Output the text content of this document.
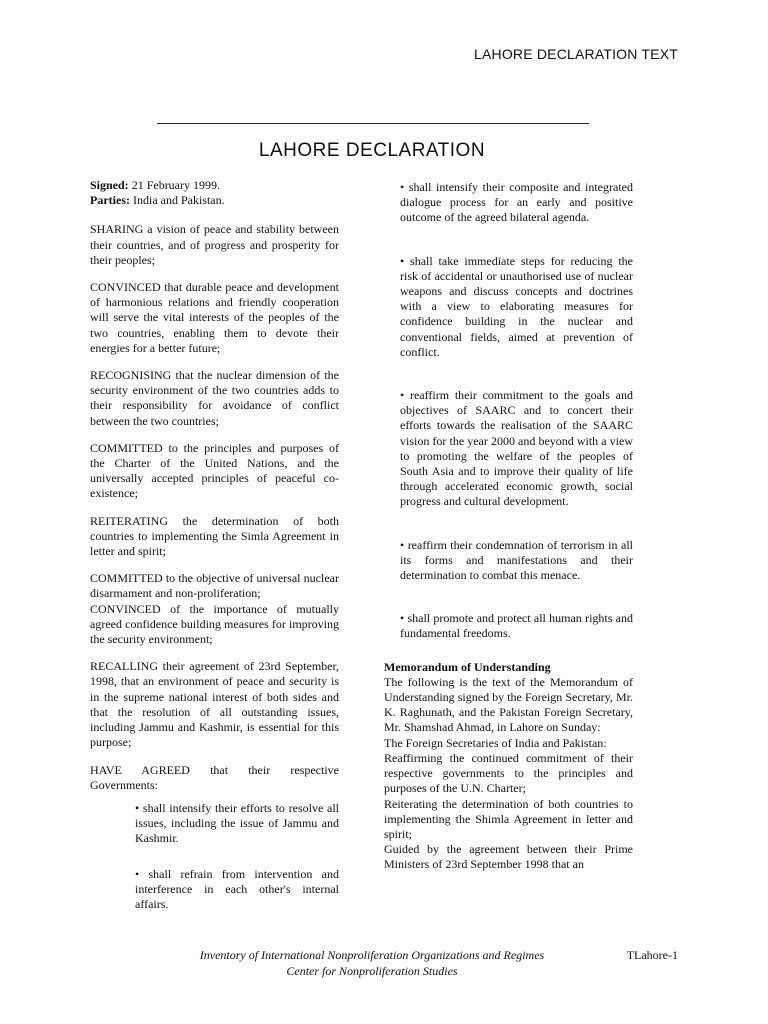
LAHORE DECLARATION TEXT
LAHORE DECLARATION

Signed: 21 February 1999.

Parties: India and Pakistan.

SHARING a vision of peace and stability between their countries, and of progress and prosperity for their peoples;

CONVINCED that durable peace and development of harmonious relations and friendly cooperation will serve the vital interests of the peoples of the two countries, enabling them to devote their energies for a better future;

RECOGNISING that the nuclear dimension of the security environment of the two countries adds to their responsibility for avoidance of conflict between the two countries;

COMMITTED to the principles and purposes of the Charter of the United Nations, and the universally accepted principles of peaceful co-existence;

REITERATING the determination of both countries to implementing the Simla Agreement in letter and spirit;

COMMITTED to the objective of universal nuclear disarmament and non-proliferation;

CONVINCED of the importance of mutually agreed confidence building measures for improving the security environment;

RECALLING their agreement of 23rd September, 1998, that an environment of peace and security is in the supreme national interest of both sides and that the resolution of all outstanding issues, including Jammu and Kashmir, is essential for this purpose;

HAVE AGREED that their respective Governments:

• shall intensify their efforts to resolve all issues, including the issue of Jammu and Kashmir.

• shall refrain from intervention and interference in each other's internal affairs.

• shall intensify their composite and integrated dialogue process for an early and positive outcome of the agreed bilateral agenda.

• shall take immediate steps for reducing the risk of accidental or unauthorised use of nuclear weapons and discuss concepts and doctrines with a view to elaborating measures for confidence building in the nuclear and conventional fields, aimed at prevention of conflict.

• reaffirm their commitment to the goals and objectives of SAARC and to concert their efforts towards the realisation of the SAARC vision for the year 2000 and beyond with a view to promoting the welfare of the peoples of South Asia and to improve their quality of life through accelerated economic growth, social progress and cultural development.

• reaffirm their condemnation of terrorism in all its forms and manifestations and their determination to combat this menace.

• shall promote and protect all human rights and fundamental freedoms.

Memorandum of Understanding

The following is the text of the Memorandum of Understanding signed by the Foreign Secretary, Mr. K. Raghunath, and the Pakistan Foreign Secretary, Mr. Shamshad Ahmad, in Lahore on Sunday:

The Foreign Secretaries of India and Pakistan:

Reaffirming the continued commitment of their respective governments to the principles and purposes of the U.N. Charter;

Reiterating the determination of both countries to implementing the Shimla Agreement in letter and spirit;

Guided by the agreement between their Prime Ministers of 23rd September 1998 that an

Inventory of International Nonproliferation Organizations and Regimes
Center for Nonproliferation Studies
TLahore-1
